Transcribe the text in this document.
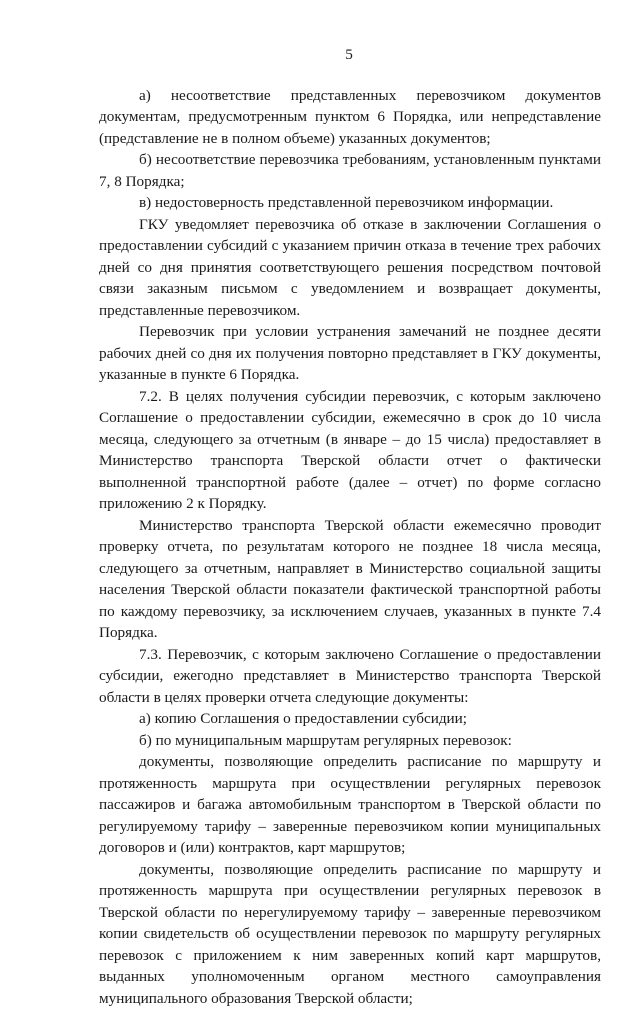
5

а) несоответствие представленных перевозчиком документов документам, предусмотренным пунктом 6 Порядка, или непредставление (представление не в полном объеме) указанных документов;

б) несоответствие перевозчика требованиям, установленным пунктами 7, 8 Порядка;

в) недостоверность представленной перевозчиком информации.

ГКУ уведомляет перевозчика об отказе в заключении Соглашения о предоставлении субсидий с указанием причин отказа в течение трех рабочих дней со дня принятия соответствующего решения посредством почтовой связи заказным письмом с уведомлением и возвращает документы, представленные перевозчиком.

Перевозчик при условии устранения замечаний не позднее десяти рабочих дней со дня их получения повторно представляет в ГКУ документы, указанные в пункте 6 Порядка.

7.2. В целях получения субсидии перевозчик, с которым заключено Соглашение о предоставлении субсидии, ежемесячно в срок до 10 числа месяца, следующего за отчетным (в январе – до 15 числа) предоставляет в Министерство транспорта Тверской области отчет о фактически выполненной транспортной работе (далее – отчет) по форме согласно приложению 2 к Порядку.

Министерство транспорта Тверской области ежемесячно проводит проверку отчета, по результатам которого не позднее 18 числа месяца, следующего за отчетным, направляет в Министерство социальной защиты населения Тверской области показатели фактической транспортной работы по каждому перевозчику, за исключением случаев, указанных в пункте 7.4 Порядка.

7.3. Перевозчик, с которым заключено Соглашение о предоставлении субсидии, ежегодно представляет в Министерство транспорта Тверской области в целях проверки отчета следующие документы:

а) копию Соглашения о предоставлении субсидии;

б) по муниципальным маршрутам регулярных перевозок:

документы, позволяющие определить расписание по маршруту и протяженность маршрута при осуществлении регулярных перевозок пассажиров и багажа автомобильным транспортом в Тверской области по регулируемому тарифу – заверенные перевозчиком копии муниципальных договоров и (или) контрактов, карт маршрутов;

документы, позволяющие определить расписание по маршруту и протяженность маршрута при осуществлении регулярных перевозок в Тверской области по нерегулируемому тарифу – заверенные перевозчиком копии свидетельств об осуществлении перевозок по маршруту регулярных перевозок с приложением к ним заверенных копий карт маршрутов, выданных уполномоченным органом местного самоуправления муниципального образования Тверской области;
